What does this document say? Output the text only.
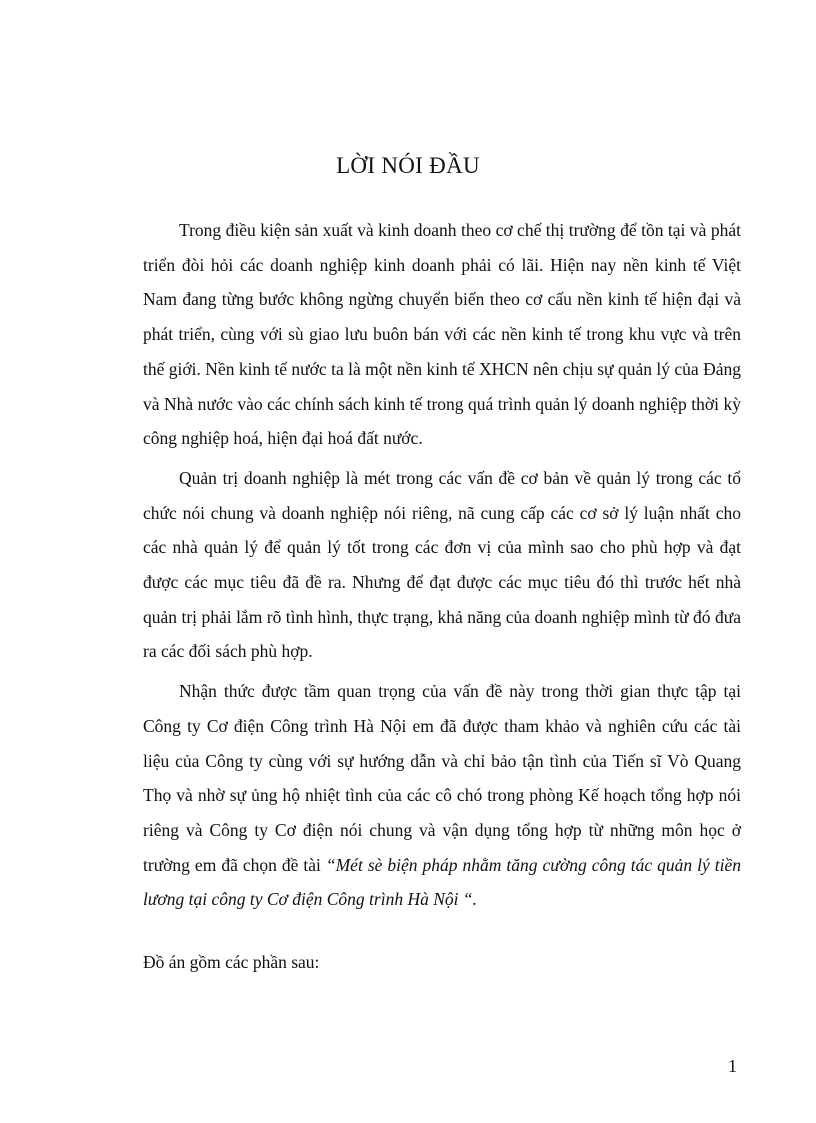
LỜI NÓI ĐẦU

Trong điều kiện sản xuất và kinh doanh theo cơ chế thị trường để tồn tại và phát triển đòi hỏi các doanh nghiệp kinh doanh phải có lãi. Hiện nay nền kinh tế Việt Nam đang từng bước không ngừng chuyển biến theo cơ cấu nền kinh tế hiện đại và phát triển, cùng với sù giao lưu buôn bán với các nền kinh tế trong khu vực và trên thế giới. Nền kinh tế nước ta là một nền kinh tế XHCN nên chịu sự quản lý của Đảng và Nhà nước vào các chính sách kinh tế trong quá trình quản lý doanh nghiệp thời kỳ công nghiệp hoá, hiện đại hoá đất nước.

Quản trị doanh nghiệp là mét trong các vấn đề cơ bản về quản lý trong các tổ chức nói chung và doanh nghiệp nói riêng, nã cung cấp các cơ sở lý luận nhất cho các nhà quản lý để quản lý tốt trong các đơn vị của mình sao cho phù hợp và đạt được các mục tiêu đã đề ra. Nhưng để đạt được các mục tiêu đó thì trước hết nhà quản trị phải lắm rõ tình hình, thực trạng, khả năng của doanh nghiệp mình từ đó đưa ra các đối sách phù hợp.

Nhận thức được tầm quan trọng của vấn đề này trong thời gian thực tập tại Công ty Cơ điện Công trình Hà Nội em đã được tham khảo và nghiên cứu các tài liệu của Công ty cùng với sự hướng dẫn và chỉ bảo tận tình của Tiến sĩ Vò Quang Thọ và nhờ sự ủng hộ nhiệt tình của các cô chó trong phòng Kế hoạch tổng hợp nói riêng và Công ty Cơ điện nói chung và vận dụng tổng hợp từ những môn học ở trường em đã chọn đề tài “Mét sè biện pháp nhằm tăng cường công tác quản lý tiền lương tại công ty Cơ điện Công trình Hà Nội “.

Đồ án gồm các phần sau:
1
